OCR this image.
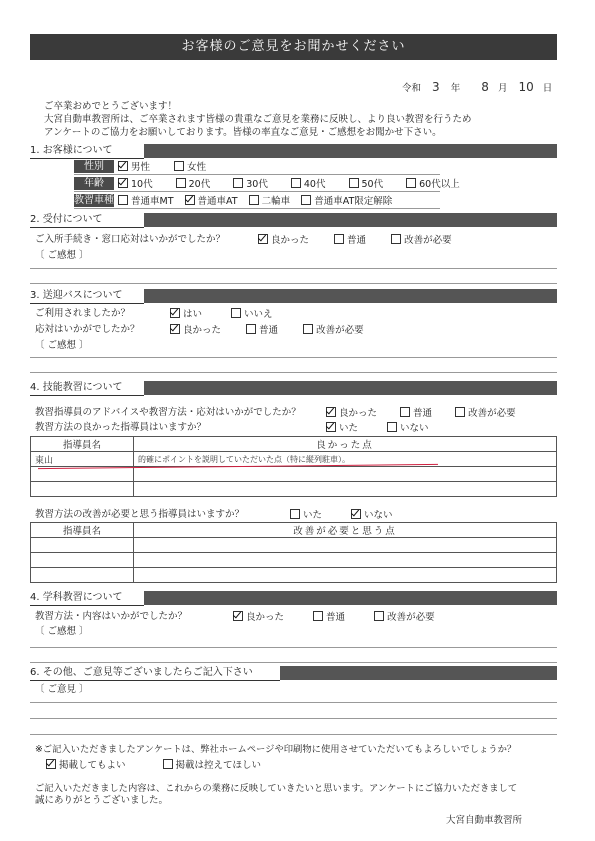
お客様のご意見をお聞かせください
令和 3 年 8 月 10 日
ご卒業おめでとうございます！
大宮自動車教習所は、ご卒業されます皆様の貴重なご意見を業務に反映し、より良い教習を行うため
アンケートのご協力をお願いしております。皆様の率直なご意見・ご感想をお聞かせ下さい。
1. お客様について
性別	男性	女性
年齢	10代	20代	30代	40代	50代	60代以上
教習車種	普通車MT	普通車AT	二輪車	普通車AT限定解除
2. 受付について
ご入所手続き・窓口応対はいかがでしたか？	良かった	普通	改善が必要
〔 ご感想 〕
3. 送迎バスについて
ご利用されましたか？	はい	いいえ
応対はいかがでしたか？	良かった	普通	改善が必要
〔 ご感想 〕
4. 技能教習について
教習指導員のアドバイスや教習方法・応対はいかがでしたか？	良かった	普通	改善が必要
教習方法の良かった指導員はいますか？	いた	いない
指導員名	良かった点
東山	的確にポイントを説明していただいた点（特に縦列駐車）。

教習方法の改善が必要と思う指導員はいますか？	いた	いない
指導員名	改善が必要と思う点

4. 学科教習について
教習方法・内容はいかがでしたか？	良かった	普通	改善が必要
〔 ご感想 〕
6. その他、ご意見等ございましたらご記入下さい
〔 ご意見 〕
※ご記入いただきましたアンケートは、弊社ホームページや印刷物に使用させていただいてもよろしいでしょうか？
掲載してもよい	掲載は控えてほしい
ご記入いただきました内容は、これからの業務に反映していきたいと思います。アンケートにご協力いただきまして
誠にありがとうございました。
大宮自動車教習所
